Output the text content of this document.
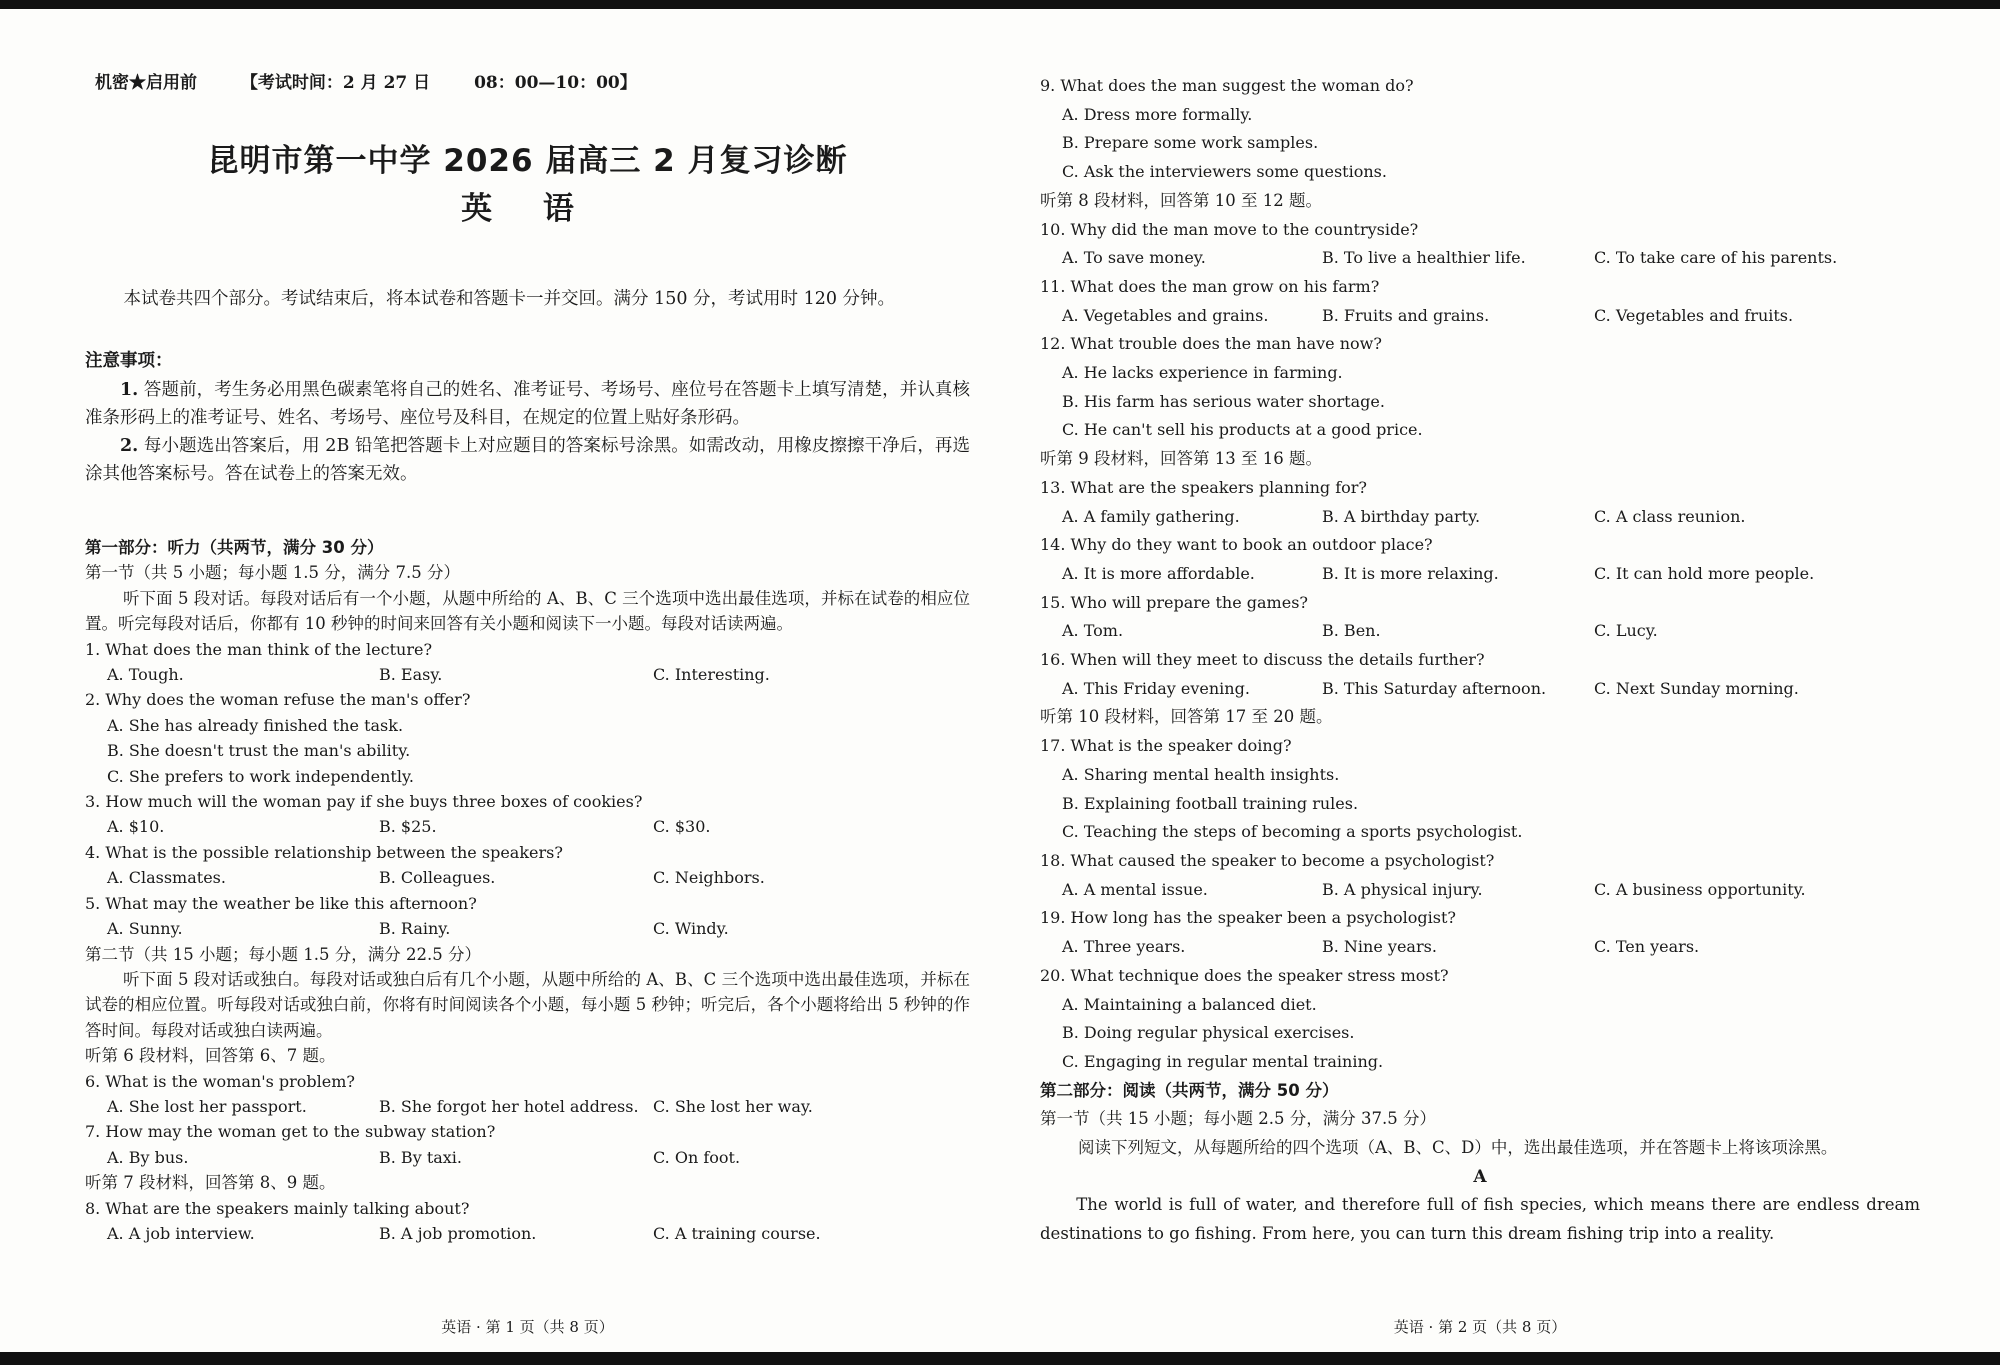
机密★启用前	【考试时间：2 月 27 日	08：00—10：00】
昆明市第一中学 2026 届高三 2 月复习诊断
英 语
本试卷共四个部分。考试结束后，将本试卷和答题卡一并交回。满分 150 分，考试用时 120 分钟。
注意事项：

1. 答题前，考生务必用黑色碳素笔将自己的姓名、准考证号、考场号、座位号在答题卡上填写清楚，并认真核准条形码上的准考证号、姓名、考场号、座位号及科目，在规定的位置上贴好条形码。

2. 每小题选出答案后，用 2B 铅笔把答题卡上对应题目的答案标号涂黑。如需改动，用橡皮擦擦干净后，再选涂其他答案标号。答在试卷上的答案无效。

第一部分：听力（共两节，满分 30 分）
第一节（共 5 小题；每小题 1.5 分，满分 7.5 分）
听下面 5 段对话。每段对话后有一个小题，从题中所给的 A、B、C 三个选项中选出最佳选项，并标在试卷的相应位置。听完每段对话后，你都有 10 秒钟的时间来回答有关小题和阅读下一小题。每段对话读两遍。
1. What does the man think of the lecture?
A. Tough.	B. Easy.	C. Interesting.
2. Why does the woman refuse the man's offer?
A. She has already finished the task.
B. She doesn't trust the man's ability.
C. She prefers to work independently.
3. How much will the woman pay if she buys three boxes of cookies?
A. $10.	B. $25.	C. $30.
4. What is the possible relationship between the speakers?
A. Classmates.	B. Colleagues.	C. Neighbors.
5. What may the weather be like this afternoon?
A. Sunny.	B. Rainy.	C. Windy.
第二节（共 15 小题；每小题 1.5 分，满分 22.5 分）
听下面 5 段对话或独白。每段对话或独白后有几个小题，从题中所给的 A、B、C 三个选项中选出最佳选项，并标在试卷的相应位置。听每段对话或独白前，你将有时间阅读各个小题，每小题 5 秒钟；听完后，各个小题将给出 5 秒钟的作答时间。每段对话或独白读两遍。
听第 6 段材料，回答第 6、7 题。
6. What is the woman's problem?
A. She lost her passport.	B. She forgot her hotel address. C. She lost her way.
7. How may the woman get to the subway station?
A. By bus.	B. By taxi.	C. On foot.
听第 7 段材料，回答第 8、9 题。
8. What are the speakers mainly talking about?
A. A job interview.	B. A job promotion.	C. A training course.
英语 · 第 1 页（共 8 页）
9. What does the man suggest the woman do?
A. Dress more formally.
B. Prepare some work samples.
C. Ask the interviewers some questions.
听第 8 段材料，回答第 10 至 12 题。
10. Why did the man move to the countryside?
A. To save money.	B. To live a healthier life.	C. To take care of his parents.
11. What does the man grow on his farm?
A. Vegetables and grains.	B. Fruits and grains.	C. Vegetables and fruits.
12. What trouble does the man have now?
A. He lacks experience in farming.
B. His farm has serious water shortage.
C. He can't sell his products at a good price.
听第 9 段材料，回答第 13 至 16 题。
13. What are the speakers planning for?
A. A family gathering.	B. A birthday party.	C. A class reunion.
14. Why do they want to book an outdoor place?
A. It is more affordable.	B. It is more relaxing.	C. It can hold more people.
15. Who will prepare the games?
A. Tom.	B. Ben.	C. Lucy.
16. When will they meet to discuss the details further?
A. This Friday evening.	B. This Saturday afternoon.	C. Next Sunday morning.
听第 10 段材料，回答第 17 至 20 题。
17. What is the speaker doing?
A. Sharing mental health insights.
B. Explaining football training rules.
C. Teaching the steps of becoming a sports psychologist.
18. What caused the speaker to become a psychologist?
A. A mental issue.	B. A physical injury.	C. A business opportunity.
19. How long has the speaker been a psychologist?
A. Three years.	B. Nine years.	C. Ten years.
20. What technique does the speaker stress most?
A. Maintaining a balanced diet.
B. Doing regular physical exercises.
C. Engaging in regular mental training.
第二部分：阅读（共两节，满分 50 分）
第一节（共 15 小题；每小题 2.5 分，满分 37.5 分）
阅读下列短文，从每题所给的四个选项（A、B、C、D）中，选出最佳选项，并在答题卡上将该项涂黑。
A
The world is full of water, and therefore full of fish species, which means there are endless dream destinations to go fishing. From here, you can turn this dream fishing trip into a reality.
英语 · 第 2 页（共 8 页）
